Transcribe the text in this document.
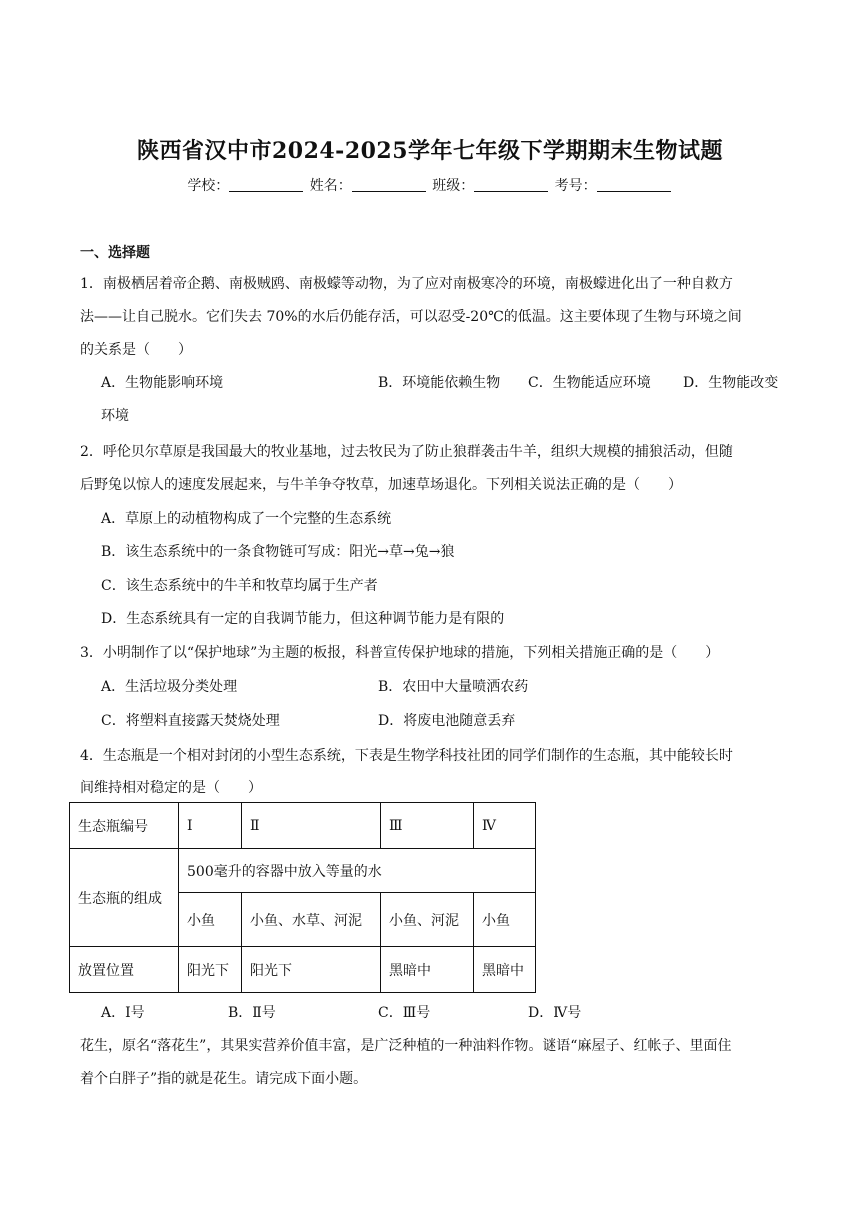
陕西省汉中市2024-2025学年七年级下学期期末生物试题
学校：	姓名：	班级：	考号：
一、选择题
1．南极栖居着帝企鹅、南极贼鸥、南极蠓等动物，为了应对南极寒冷的环境，南极蠓进化出了一种自救方
法——让自己脱水。它们失去 70%的水后仍能存活，可以忍受-20℃的低温。这主要体现了生物与环境之间
的关系是（　　）
A．生物能影响环境	B．环境能依赖生物 C．生物能适应环境 D．生物能改变
环境
2．呼伦贝尔草原是我国最大的牧业基地，过去牧民为了防止狼群袭击牛羊，组织大规模的捕狼活动，但随
后野兔以惊人的速度发展起来，与牛羊争夺牧草，加速草场退化。下列相关说法正确的是（　　）
A．草原上的动植物构成了一个完整的生态系统
B．该生态系统中的一条食物链可写成：阳光→草→兔→狼
C．该生态系统中的牛羊和牧草均属于生产者
D．生态系统具有一定的自我调节能力，但这种调节能力是有限的
3．小明制作了以“保护地球”为主题的板报，科普宣传保护地球的措施，下列相关措施正确的是（　　）
A．生活垃圾分类处理	B．农田中大量喷洒农药
C．将塑料直接露天焚烧处理	D．将废电池随意丢弃
4．生态瓶是一个相对封闭的小型生态系统，下表是生物学科技社团的同学们制作的生态瓶，其中能较长时
间维持相对稳定的是（　　）
生态瓶编号	Ⅰ	Ⅱ	Ⅲ	Ⅳ
生态瓶的组成	500毫升的容器中放入等量的水			
	小鱼	小鱼、水草、河泥	小鱼、河泥	小鱼
放置位置	阳光下	阳光下	黑暗中	黑暗中
A．Ⅰ号	B．Ⅱ号	C．Ⅲ号	D．Ⅳ号
花生，原名“落花生”，其果实营养价值丰富，是广泛种植的一种油料作物。谜语“麻屋子、红帐子、里面住
着个白胖子”指的就是花生。请完成下面小题。
